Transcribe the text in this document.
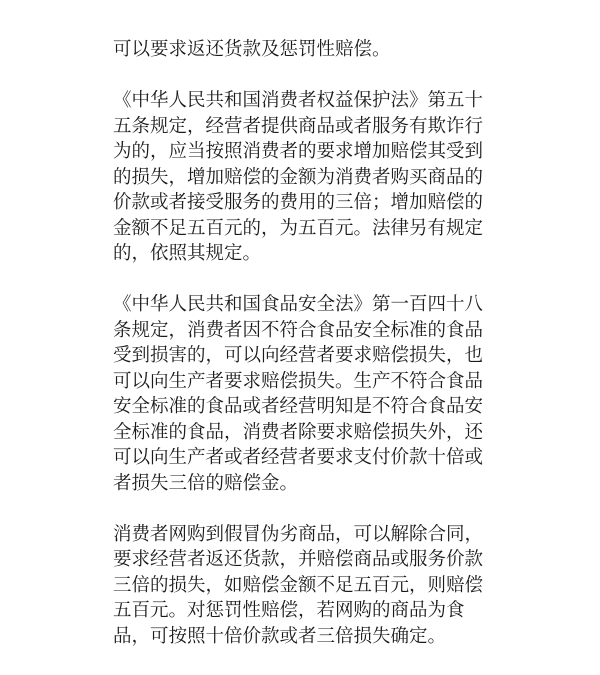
可以要求返还货款及惩罚性赔偿。
《中华人民共和国消费者权益保护法》第五十
五条规定，经营者提供商品或者服务有欺诈行
为的，应当按照消费者的要求增加赔偿其受到
的损失，增加赔偿的金额为消费者购买商品的
价款或者接受服务的费用的三倍；增加赔偿的
金额不足五百元的，为五百元。法律另有规定
的，依照其规定。
《中华人民共和国食品安全法》第一百四十八
条规定，消费者因不符合食品安全标准的食品
受到损害的，可以向经营者要求赔偿损失，也
可以向生产者要求赔偿损失。生产不符合食品
安全标准的食品或者经营明知是不符合食品安
全标准的食品，消费者除要求赔偿损失外，还
可以向生产者或者经营者要求支付价款十倍或
者损失三倍的赔偿金。
消费者网购到假冒伪劣商品，可以解除合同，
要求经营者返还货款，并赔偿商品或服务价款
三倍的损失，如赔偿金额不足五百元，则赔偿
五百元。对惩罚性赔偿，若网购的商品为食
品，可按照十倍价款或者三倍损失确定。
